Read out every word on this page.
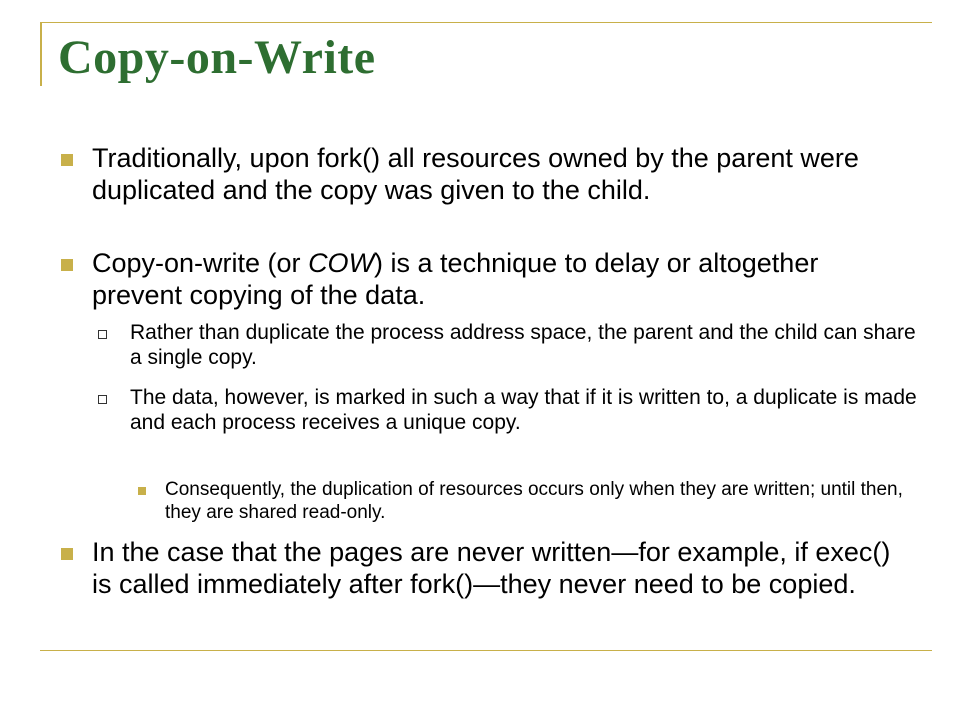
Copy-on-Write
Traditionally, upon fork() all resources owned by the parent were duplicated and the copy was given to the child.
Copy-on-write (or COW) is a technique to delay or altogether prevent copying of the data.
Rather than duplicate the process address space, the parent and the child can share a single copy.
The data, however, is marked in such a way that if it is written to, a duplicate is made and each process receives a unique copy.
Consequently, the duplication of resources occurs only when they are written; until then, they are shared read-only.
In the case that the pages are never written—for example, if exec() is called immediately after fork()—they never need to be copied.
